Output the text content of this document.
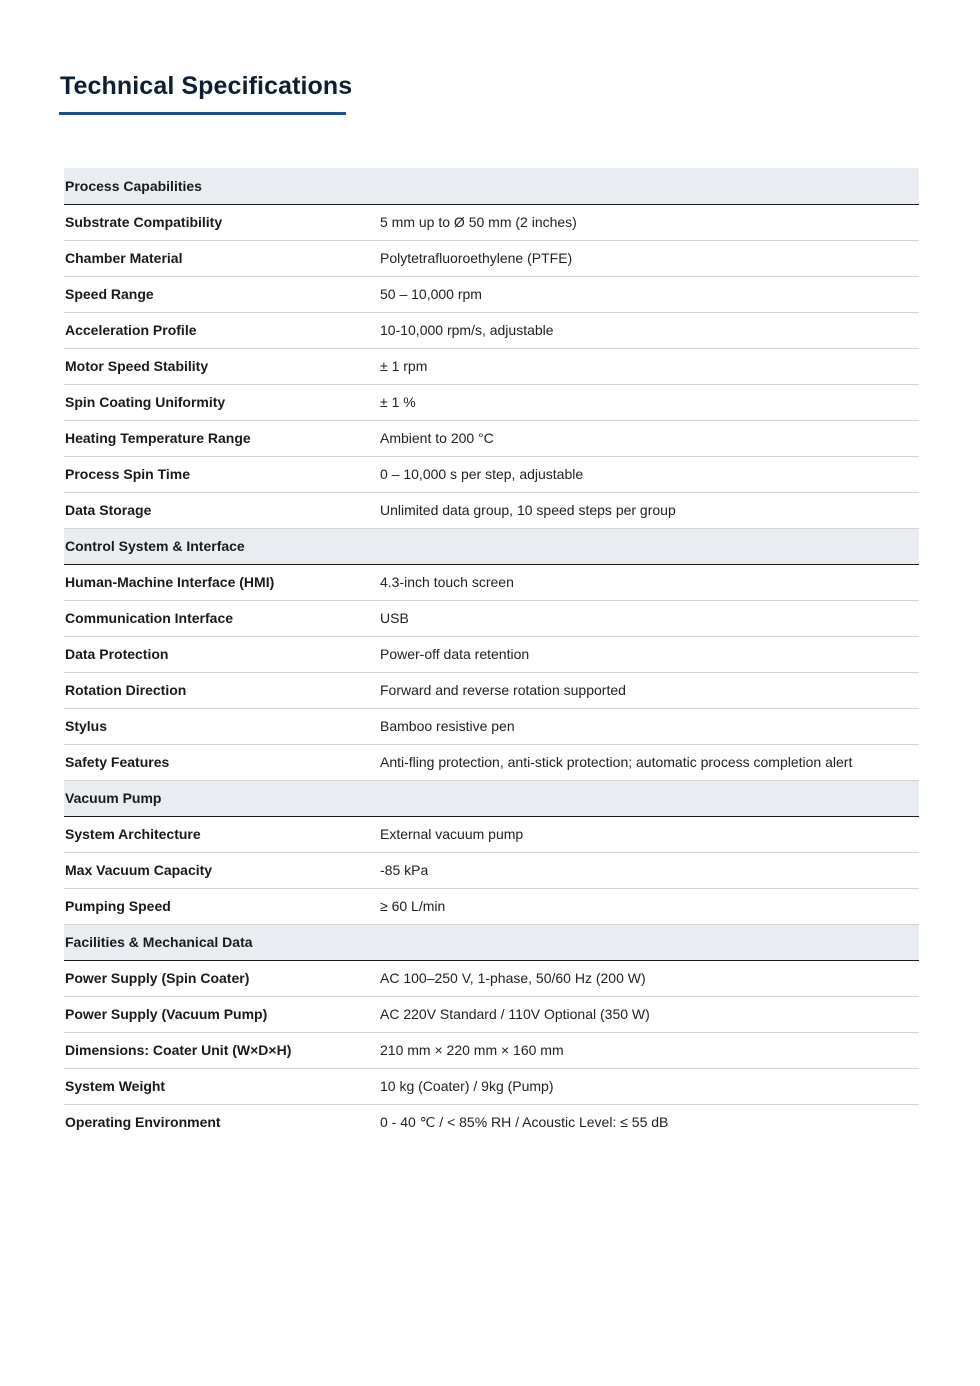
Technical Specifications
Process Capabilities	
Substrate Compatibility	5 mm up to Ø 50 mm (2 inches)
Chamber Material	Polytetrafluoroethylene (PTFE)
Speed Range	50 – 10,000 rpm
Acceleration Profile	10-10,000 rpm/s, adjustable
Motor Speed Stability	± 1 rpm
Spin Coating Uniformity	± 1 %
Heating Temperature Range	Ambient to 200 °C
Process Spin Time	0 – 10,000 s per step, adjustable
Data Storage	Unlimited data group, 10 speed steps per group
Control System & Interface	
Human-Machine Interface (HMI)	4.3-inch touch screen
Communication Interface	USB
Data Protection	Power-off data retention
Rotation Direction	Forward and reverse rotation supported
Stylus	Bamboo resistive pen
Safety Features	Anti-fling protection, anti-stick protection; automatic process completion alert
Vacuum Pump	
System Architecture	External vacuum pump
Max Vacuum Capacity	-85 kPa
Pumping Speed	≥ 60 L/min
Facilities & Mechanical Data	
Power Supply (Spin Coater)	AC 100–250 V, 1-phase, 50/60 Hz (200 W)
Power Supply (Vacuum Pump)	AC 220V Standard / 110V Optional (350 W)
Dimensions: Coater Unit (W×D×H)	210 mm × 220 mm × 160 mm
System Weight	10 kg (Coater) / 9kg (Pump)
Operating Environment	0 - 40 ℃ / < 85% RH / Acoustic Level: ≤ 55 dB
